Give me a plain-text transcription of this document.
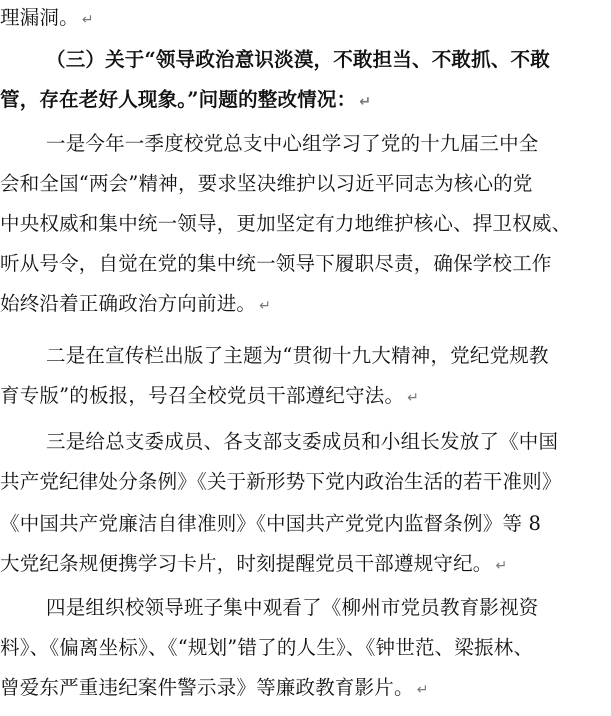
理漏洞。 ↵
（三）关于“领导政治意识淡漠，不敢担当、不敢抓、不敢
管，存在老好人现象。”问题的整改情况： ↵
一是今年一季度校党总支中心组学习了党的十九届三中全
会和全国“两会”精神，要求坚决维护以习近平同志为核心的党
中央权威和集中统一领导，更加坚定有力地维护核心、捍卫权威、
听从号令，自觉在党的集中统一领导下履职尽责，确保学校工作
始终沿着正确政治方向前进。 ↵
二是在宣传栏出版了主题为“贯彻十九大精神，党纪党规教
育专版”的板报，号召全校党员干部遵纪守法。 ↵
三是给总支委成员、各支部支委成员和小组长发放了《中国
共产党纪律处分条例》《关于新形势下党内政治生活的若干准则》
《中国共产党廉洁自律准则》《中国共产党党内监督条例》等 8
大党纪条规便携学习卡片，时刻提醒党员干部遵规守纪。 ↵
四是组织校领导班子集中观看了《柳州市党员教育影视资
料》、《偏离坐标》、《“规划”错了的人生》、《钟世范、梁振林、
曾爱东严重违纪案件警示录》等廉政教育影片。 ↵
